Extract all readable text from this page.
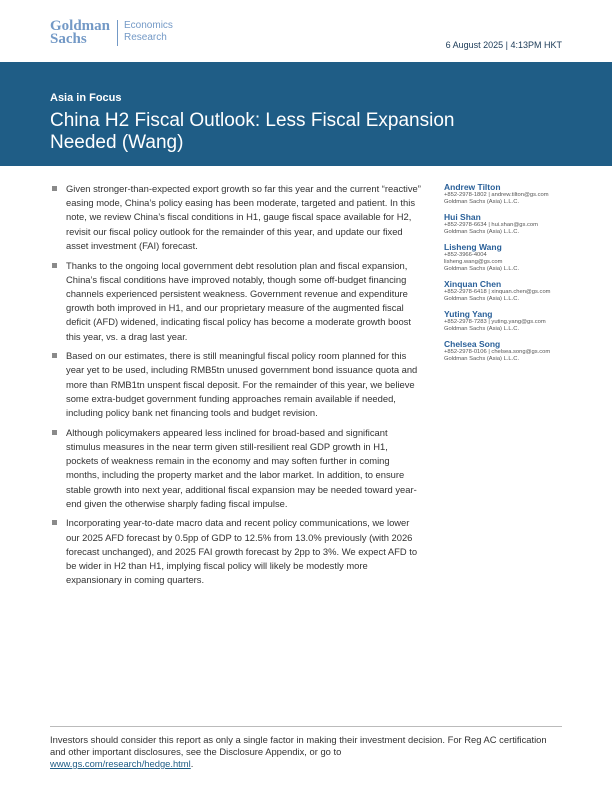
Goldman
Sachs
Economics
Research
6 August 2025 | 4:13PM HKT
Asia in Focus
China H2 Fiscal Outlook: Less Fiscal Expansion Needed (Wang)
Given stronger-than-expected export growth so far this year and the current “reactive” easing mode, China’s policy easing has been moderate, targeted and patient. In this note, we review China’s fiscal conditions in H1, gauge fiscal space available for H2, revisit our fiscal policy outlook for the remainder of this year, and update our fixed asset investment (FAI) forecast.
Thanks to the ongoing local government debt resolution plan and fiscal expansion, China’s fiscal conditions have improved notably, though some off-budget financing channels experienced persistent weakness. Government revenue and expenditure growth both improved in H1, and our proprietary measure of the augmented fiscal deficit (AFD) widened, indicating fiscal policy has become a moderate growth boost this year, vs. a drag last year.
Based on our estimates, there is still meaningful fiscal policy room planned for this year yet to be used, including RMB5tn unused government bond issuance quota and more than RMB1tn unspent fiscal deposit. For the remainder of this year, we believe some extra-budget government funding approaches remain available if needed, including policy bank net financing tools and budget revision.
Although policymakers appeared less inclined for broad-based and significant stimulus measures in the near term given still-resilient real GDP growth in H1, pockets of weakness remain in the economy and may soften further in coming months, including the property market and the labor market. In addition, to ensure stable growth into next year, additional fiscal expansion may be needed toward year-end given the otherwise sharply fading fiscal impulse.
Incorporating year-to-date macro data and recent policy communications, we lower our 2025 AFD forecast by 0.5pp of GDP to 12.5% from 13.0% previously (with 2026 forecast unchanged), and 2025 FAI growth forecast by 2pp to 3%. We expect AFD to be wider in H2 than H1, implying fiscal policy will likely be modestly more expansionary in coming quarters.
Andrew Tilton
+852-2978-1802 | andrew.tilton@gs.com
Goldman Sachs (Asia) L.L.C.
Hui Shan
+852-2978-6634 | hui.shan@gs.com
Goldman Sachs (Asia) L.L.C.
Lisheng Wang
+852-3966-4004
lisheng.wang@gs.com
Goldman Sachs (Asia) L.L.C.
Xinquan Chen
+852-2978-6418 | xinquan.chen@gs.com
Goldman Sachs (Asia) L.L.C.
Yuting Yang
+852-2978-7283 | yuting.yang@gs.com
Goldman Sachs (Asia) L.L.C.
Chelsea Song
+852-2978-0106 | chelsea.song@gs.com
Goldman Sachs (Asia) L.L.C.
Investors should consider this report as only a single factor in making their investment decision. For Reg AC certification and other important disclosures, see the Disclosure Appendix, or go to
www.gs.com/research/hedge.html.
